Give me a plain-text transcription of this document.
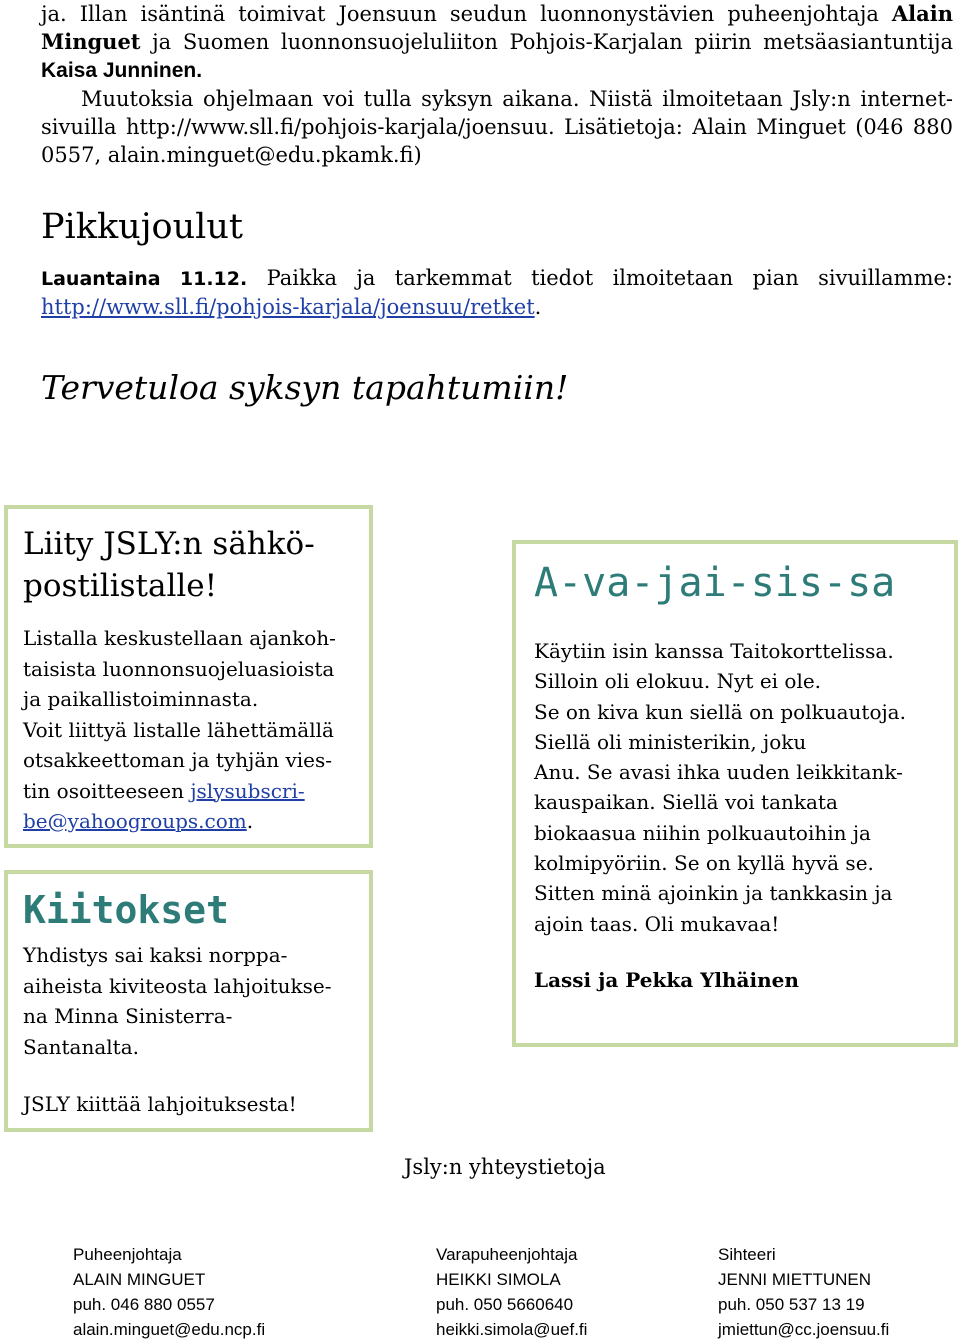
ja. Illan isäntinä toimivat Joensuun seudun luonnonystävien puheenjohtaja Alain Minguet ja Suomen luonnonsuojeluliiton Pohjois-Karjalan piirin metsäasiantuntija Kaisa Junninen.

Muutoksia ohjelmaan voi tulla syksyn aikana. Niistä ilmoitetaan Jsly:n internet-sivuilla http://www.sll.fi/pohjois-karjala/joensuu. Lisätietoja: Alain Minguet (046 880 0557, alain.minguet@edu.pkamk.fi)

Pikkujoulut
Lauantaina 11.12. Paikka ja tarkemmat tiedot ilmoitetaan pian sivuillamme: http://www.sll.fi/pohjois-karjala/joensuu/retket.
Tervetuloa syksyn tapahtumiin!
Liity JSLY:n sähkö-
postilistalle!
Listalla keskustellaan ajankoh-
taisista luonnonsuojeluasioista
ja paikallistoiminnasta.
Voit liittyä listalle lähettämällä
otsakkeettoman ja tyhjän vies-
tin osoitteeseen jslysubscri-
be@yahoogroups.com.
Kiitokset
Yhdistys sai kaksi norppa-
aiheista kiviteosta lahjoitukse-
na Minna Sinisterra-
Santanalta.
JSLY kiittää lahjoituksesta!
A-va-jai-sis-sa
Käytiin isin kanssa Taitokorttelissa.
Silloin oli elokuu. Nyt ei ole.
Se on kiva kun siellä on polkuautoja.
Siellä oli ministerikin, joku
Anu. Se avasi ihka uuden leikkitank-
kauspaikan. Siellä voi tankata
biokaasua niihin polkuautoihin ja
kolmipyöriin. Se on kyllä hyvä se.
Sitten minä ajoinkin ja tankkasin ja
ajoin taas. Oli mukavaa!
Lassi ja Pekka Ylhäinen
Jsly:n yhteystietoja
Puheenjohtaja
ALAIN MINGUET
puh. 046 880 0557
alain.minguet@edu.ncp.fi
Varapuheenjohtaja
HEIKKI SIMOLA
puh. 050 5660640
heikki.simola@uef.fi
Sihteeri
JENNI MIETTUNEN
puh. 050 537 13 19
jmiettun@cc.joensuu.fi
